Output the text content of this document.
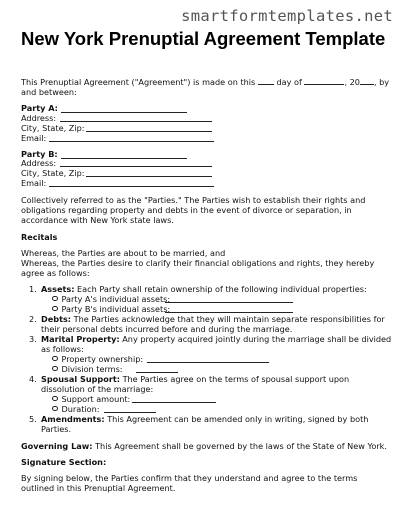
smartformtemplates.net
New York Prenuptial Agreement Template
This Prenuptial Agreement ("Agreement") is made on this	day of	, 20 , by
and between:
Party A:
Address:
City, State, Zip:
Email:
Party B:
Address:
City, State, Zip:
Email:
Collectively referred to as the "Parties." The Parties wish to establish their rights and
obligations regarding property and debts in the event of divorce or separation, in
accordance with New York state laws.
Recitals
Whereas, the Parties are about to be married, and
Whereas, the Parties desire to clarify their financial obligations and rights, they hereby
agree as follows:
1. Assets: Each Party shall retain ownership of the following individual properties:
Party A's individual assets:
Party B's individual assets:
2. Debts: The Parties acknowledge that they will maintain separate responsibilities for
their personal debts incurred before and during the marriage.
3. Marital Property: Any property acquired jointly during the marriage shall be divided
as follows:
Property ownership:
Division terms:
4. Spousal Support: The Parties agree on the terms of spousal support upon
dissolution of the marriage:
Support amount:
Duration:
5. Amendments: This Agreement can be amended only in writing, signed by both
Parties.
Governing Law: This Agreement shall be governed by the laws of the State of New York.
Signature Section:
By signing below, the Parties confirm that they understand and agree to the terms
outlined in this Prenuptial Agreement.
